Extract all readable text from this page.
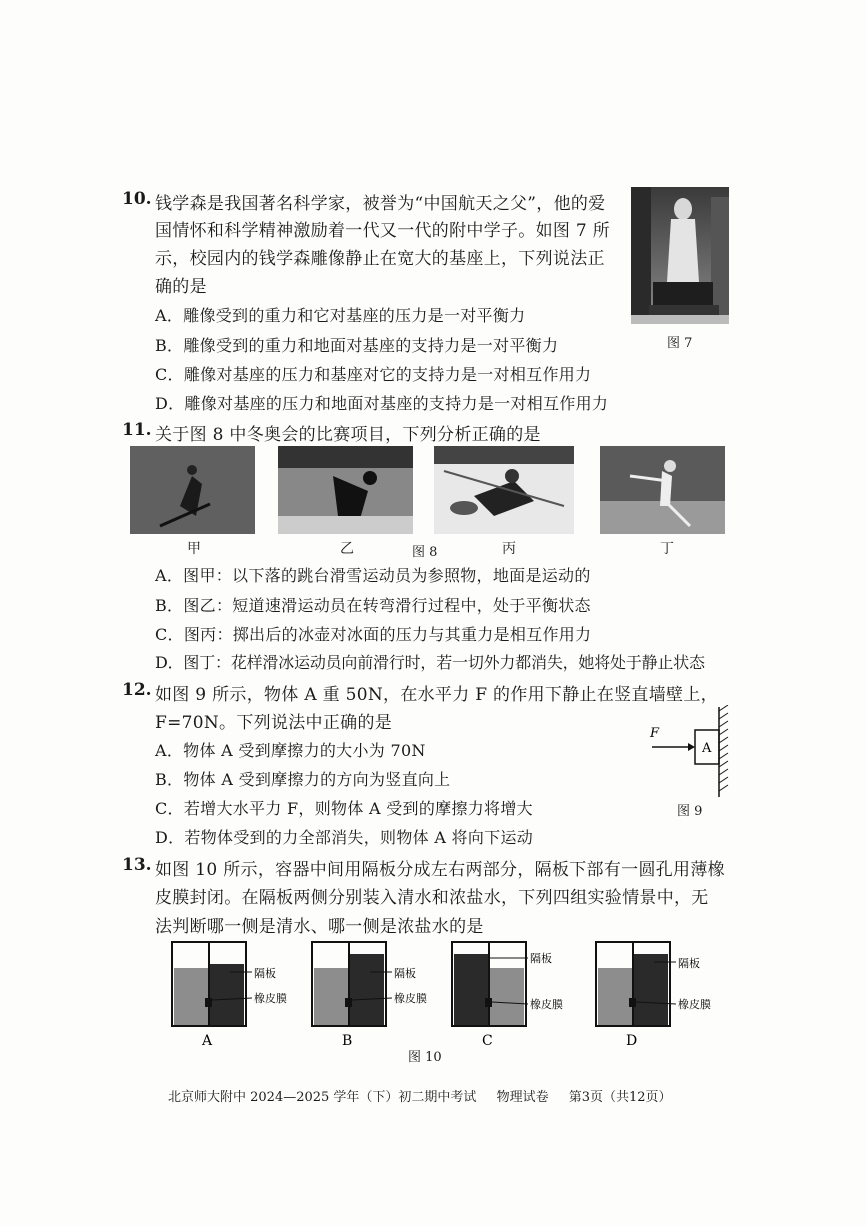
10. 钱学森是我国著名科学家，被誉为“中国航天之父”，他的爱
国情怀和科学精神激励着一代又一代的附中学子。如图 7 所
示，校园内的钱学森雕像静止在宽大的基座上，下列说法正
确的是
A．雕像受到的重力和它对基座的压力是一对平衡力
B．雕像受到的重力和地面对基座的支持力是一对平衡力
C．雕像对基座的压力和基座对它的支持力是一对相互作用力
D．雕像对基座的压力和地面对基座的支持力是一对相互作用力
图 7
11. 关于图 8 中冬奥会的比赛项目，下列分析正确的是
甲	乙	图 8	丙	丁
A．图甲：以下落的跳台滑雪运动员为参照物，地面是运动的
B．图乙：短道速滑运动员在转弯滑行过程中，处于平衡状态
C．图丙：掷出后的冰壶对冰面的压力与其重力是相互作用力
D．图丁：花样滑冰运动员向前滑行时，若一切外力都消失，她将处于静止状态
12. 如图 9 所示，物体 A 重 50N，在水平力 F 的作用下静止在竖直墙壁上，
F=70N。下列说法中正确的是
A．物体 A 受到摩擦力的大小为 70N
B．物体 A 受到摩擦力的方向为竖直向上
C．若增大水平力 F，则物体 A 受到的摩擦力将增大
D．若物体受到的力全部消失，则物体 A 将向下运动
F
A
图 9
13. 如图 10 所示，容器中间用隔板分成左右两部分，隔板下部有一圆孔用薄橡
皮膜封闭。在隔板两侧分别装入清水和浓盐水，下列四组实验情景中，无
法判断哪一侧是清水、哪一侧是浓盐水的是
隔板
橡皮膜
A
隔板
橡皮膜
B
隔板
橡皮膜
C
隔板
橡皮膜
D
图 10
北京师大附中 2024—2025 学年（下）初二期中考试 物理试卷 第3页（共12页）
